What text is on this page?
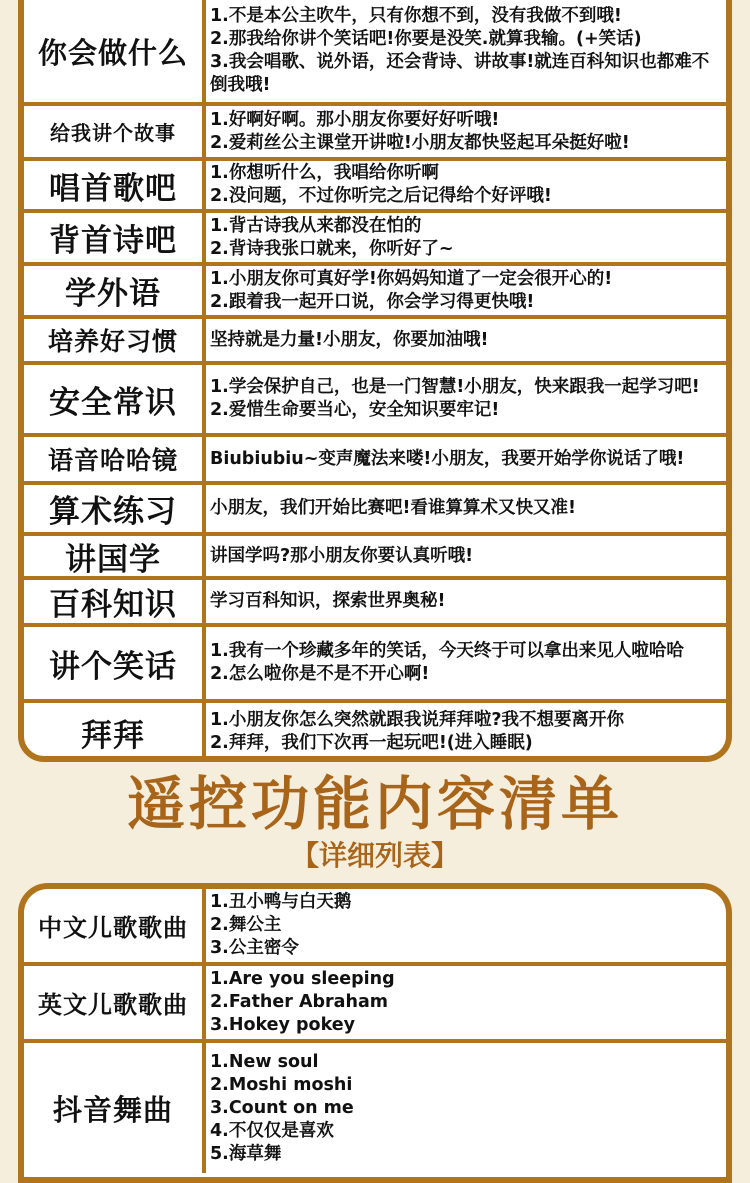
你会做什么
1.不是本公主吹牛，只有你想不到，没有我做不到哦!
2.那我给你讲个笑话吧!你要是没笑.就算我输。(+笑话)
3.我会唱歌、说外语，还会背诗、讲故事!就连百科知识也都难不倒我哦!
给我讲个故事
1.好啊好啊。那小朋友你要好好听哦!
2.爱莉丝公主课堂开讲啦!小朋友都快竖起耳朵挺好啦!
唱首歌吧	1.你想听什么，我唱给你听啊
2.没问题，不过你听完之后记得给个好评哦!
背首诗吧	1.背古诗我从来都没在怕的
2.背诗我张口就来，你听好了~
学外语	1.小朋友你可真好学!你妈妈知道了一定会很开心的!
2.跟着我一起开口说，你会学习得更快哦!
培养好习惯	坚持就是力量!小朋友，你要加油哦!
安全常识	1.学会保护自己，也是一门智慧!小朋友，快来跟我一起学习吧!
2.爱惜生命要当心，安全知识要牢记!
语音哈哈镜	Biubiubiu~变声魔法来喽!小朋友，我要开始学你说话了哦!
算术练习	小朋友，我们开始比赛吧!看谁算算术又快又准!
讲国学	讲国学吗?那小朋友你要认真听哦!
百科知识	学习百科知识，探索世界奥秘!
讲个笑话	1.我有一个珍藏多年的笑话，今天终于可以拿出来见人啦哈哈
2.怎么啦你是不是不开心啊!
拜拜	1.小朋友你怎么突然就跟我说拜拜啦?我不想要离开你
2.拜拜，我们下次再一起玩吧!(进入睡眠)
遥控功能内容清单
【详细列表】
中文儿歌歌曲
1.丑小鸭与白天鹅
2.舞公主
3.公主密令
英文儿歌歌曲
1.Are you sleeping
2.Father Abraham
3.Hokey pokey
抖音舞曲
1.New soul
2.Moshi moshi
3.Count on me
4.不仅仅是喜欢
5.海草舞
